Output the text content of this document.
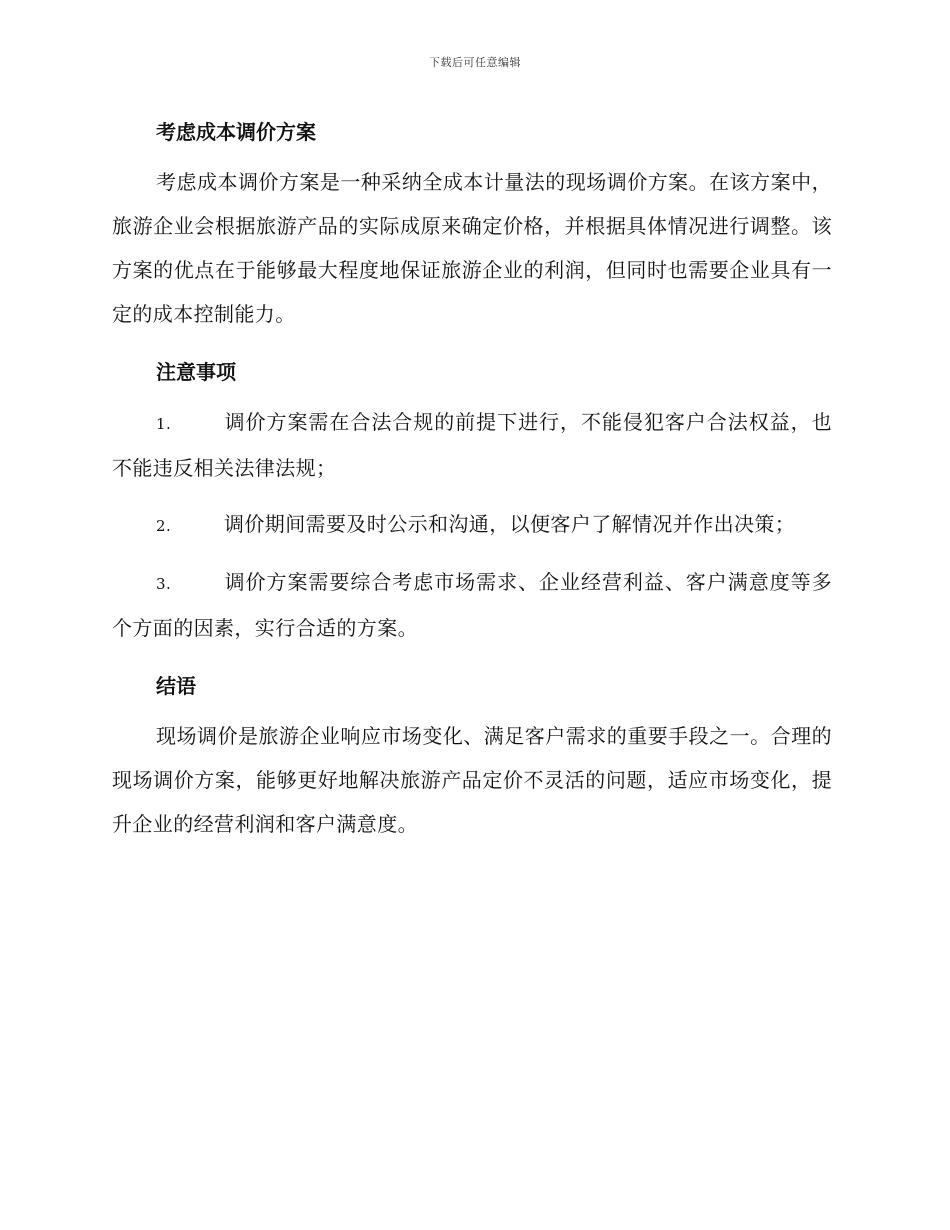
下载后可任意编辑
考虑成本调价方案

考虑成本调价方案是一种采纳全成本计量法的现场调价方案。在该方案中，旅游企业会根据旅游产品的实际成原来确定价格，并根据具体情况进行调整。该方案的优点在于能够最大程度地保证旅游企业的利润，但同时也需要企业具有一定的成本控制能力。

注意事项
1.	调价方案需在合法合规的前提下进行，不能侵犯客户合法权益，也不能违反相关法律法规；
2.	调价期间需要及时公示和沟通，以便客户了解情况并作出决策；
3.	调价方案需要综合考虑市场需求、企业经营利益、客户满意度等多个方面的因素，实行合适的方案。
结语

现场调价是旅游企业响应市场变化、满足客户需求的重要手段之一。合理的现场调价方案，能够更好地解决旅游产品定价不灵活的问题，适应市场变化，提升企业的经营利润和客户满意度。
